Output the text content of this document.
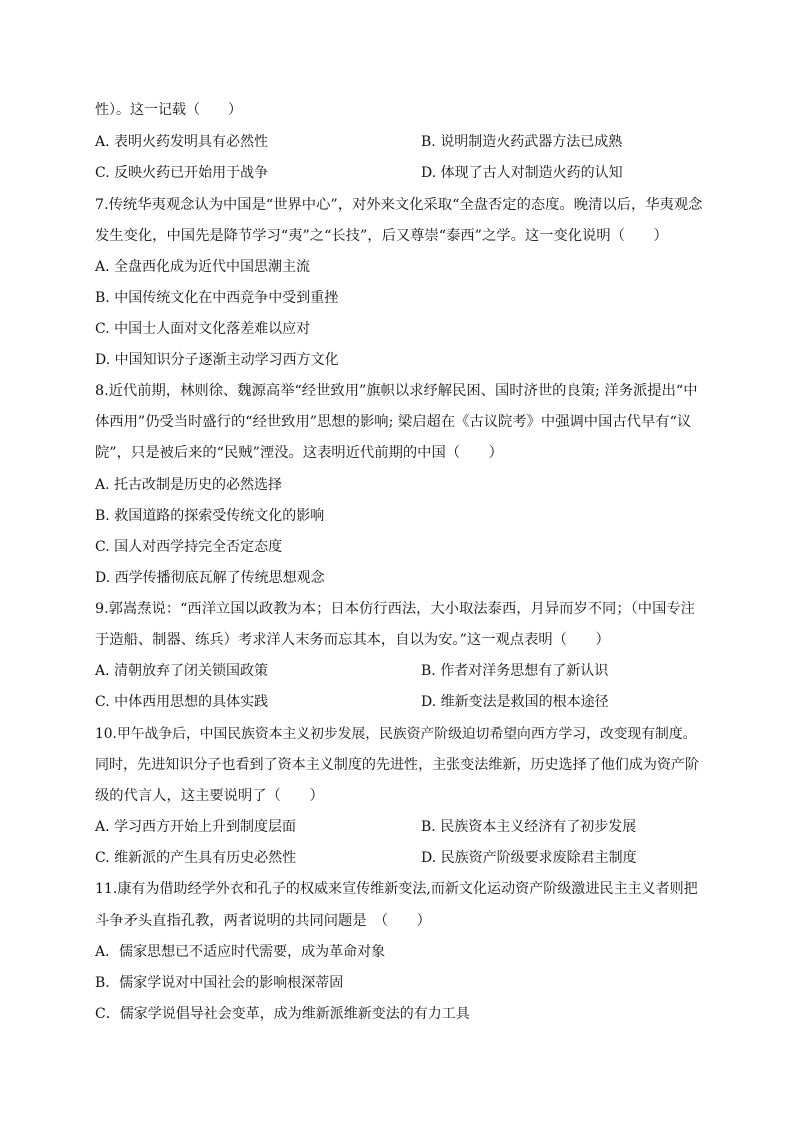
性）。这一记载（　　）
A. 表明火药发明具有必然性	B. 说明制造火药武器方法已成熟
C. 反映火药已开始用于战争	D. 体现了古人对制造火药的认知
7.传统华夷观念认为中国是“世界中心”，对外来文化采取“全盘否定的态度。晚清以后，华夷观念
发生变化，中国先是降节学习“夷”之“长技”，后又尊崇“泰西”之学。这一变化说明（　　）
A. 全盘西化成为近代中国思潮主流
B. 中国传统文化在中西竞争中受到重挫
C. 中国士人面对文化落差难以应对
D. 中国知识分子逐渐主动学习西方文化
8.近代前期，林则徐、魏源高举“经世致用”旗帜以求纾解民困、国时济世的良策; 洋务派提出“中
体西用”仍受当时盛行的“经世致用”思想的影响; 梁启超在《古议院考》中强调中国古代早有“议
院”，只是被后来的“民贼”湮没。这表明近代前期的中国（　　）
A. 托古改制是历史的必然选择
B. 救国道路的探索受传统文化的影响
C. 国人对西学持完全否定态度
D. 西学传播彻底瓦解了传统思想观念
9.郭嵩焘说：“西洋立国以政教为本；日本仿行西法，大小取法泰西，月异而岁不同；（中国专注
于造船、制器、练兵）考求洋人末务而忘其本，自以为安。”这一观点表明（　　）
A. 清朝放弃了闭关锁国政策	B. 作者对洋务思想有了新认识
C. 中体西用思想的具体实践	D. 维新变法是救国的根本途径
10.甲午战争后，中国民族资本主义初步发展，民族资产阶级迫切希望向西方学习，改变现有制度。
同时，先进知识分子也看到了资本主义制度的先进性，主张变法维新，历史选择了他们成为资产阶
级的代言人，这主要说明了（　　）
A. 学习西方开始上升到制度层面	B. 民族资本主义经济有了初步发展
C. 维新派的产生具有历史必然性	D. 民族资产阶级要求废除君主制度
11.康有为借助经学外衣和孔子的权威来宣传维新变法,而新文化运动资产阶级激进民主主义者则把
斗争矛头直指孔教，两者说明的共同问题是　（　　）
A．儒家思想已不适应时代需要，成为革命对象
B．儒家学说对中国社会的影响根深蒂固
C．儒家学说倡导社会变革，成为维新派维新变法的有力工具
